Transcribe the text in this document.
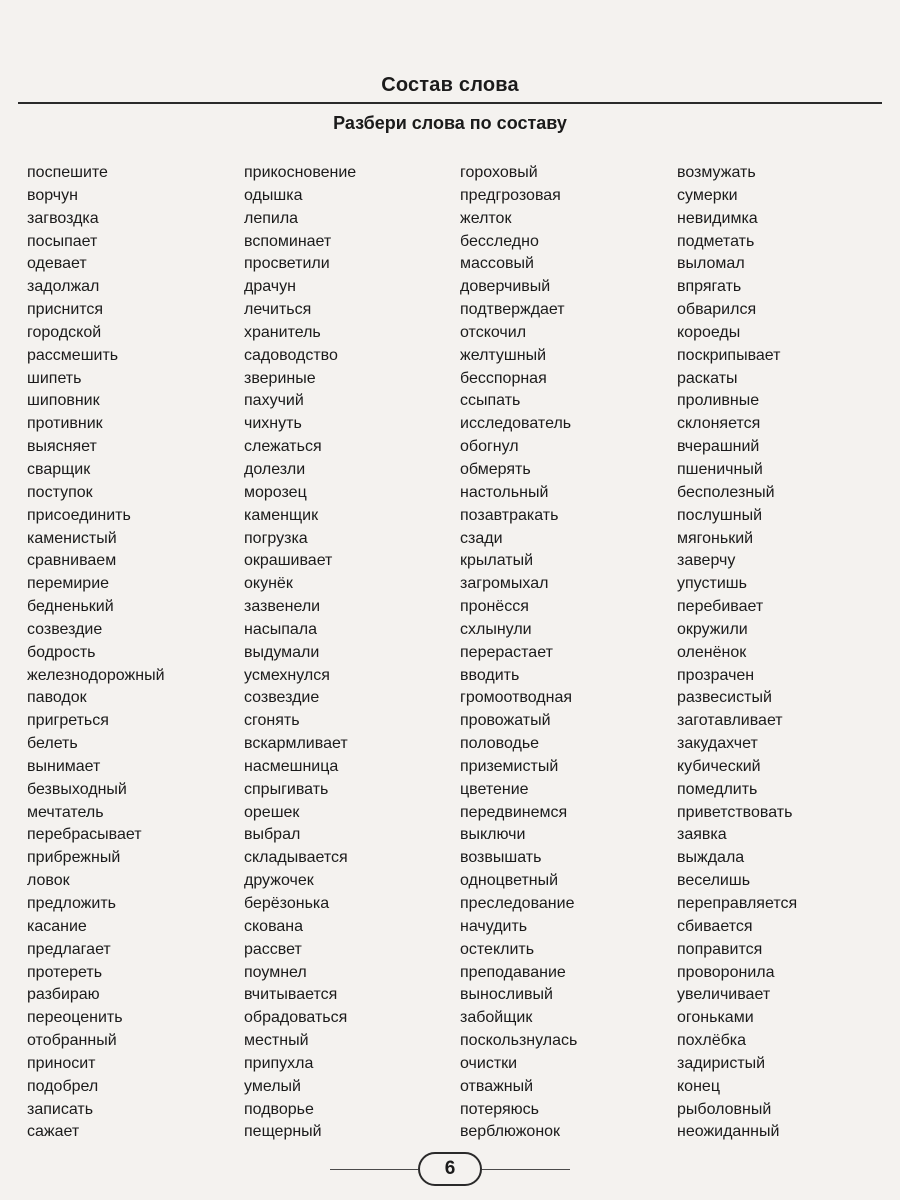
Состав слова
Разбери слова по составу
поспешите
ворчун
загвоздка
посыпает
одевает
задолжал
приснится
городской
рассмешить
шипеть
шиповник
противник
выясняет
сварщик
поступок
присоединить
каменистый
сравниваем
перемирие
бедненький
созвездие
бодрость
железнодорожный
паводок
пригреться
белеть
вынимает
безвыходный
мечтатель
перебрасывает
прибрежный
ловок
предложить
касание
предлагает
протереть
разбираю
переоценить
отобранный
приносит
подобрел
записать
сажает
прикосновение
одышка
лепила
вспоминает
просветили
драчун
лечиться
хранитель
садоводство
звериные
пахучий
чихнуть
слежаться
долезли
морозец
каменщик
погрузка
окрашивает
окунёк
зазвенели
насыпала
выдумали
усмехнулся
созвездие
сгонять
вскармливает
насмешница
спрыгивать
орешек
выбрал
складывается
дружочек
берёзонька
скована
рассвет
поумнел
вчитывается
обрадоваться
местный
припухла
умелый
подворье
пещерный
гороховый
предгрозовая
желток
бесследно
массовый
доверчивый
подтверждает
отскочил
желтушный
бесспорная
ссыпать
исследователь
обогнул
обмерять
настольный
позавтракать
сзади
крылатый
загромыхал
пронёсся
схлынули
перерастает
вводить
громоотводная
провожатый
половодье
приземистый
цветение
передвинемся
выключи
возвышать
одноцветный
преследование
начудить
остеклить
преподавание
выносливый
забойщик
поскользнулась
очистки
отважный
потеряюсь
верблюжонок
возмужать
сумерки
невидимка
подметать
выломал
впрягать
обварился
короеды
поскрипывает
раскаты
проливные
склоняется
вчерашний
пшеничный
бесполезный
послушный
мягонький
заверчу
упустишь
перебивает
окружили
оленёнок
прозрачен
развесистый
заготавливает
закудахчет
кубический
помедлить
приветствовать
заявка
выждала
веселишь
переправляется
сбивается
поправится
проворонила
увеличивает
огоньками
похлёбка
задиристый
конец
рыболовный
неожиданный
6
